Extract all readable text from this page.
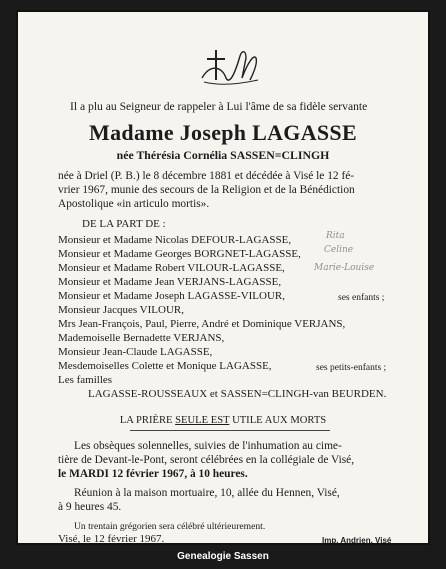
Il a plu au Seigneur de rappeler à Lui l'âme de sa fidèle servante
Madame Joseph LAGASSE
née Thérésia Cornélia SASSEN=CLINGH
née à Driel (P. B.) le 8 décembre 1881 et décédée à Visé le 12 fé-
vrier 1967, munie des secours de la Religion et de la Bénédiction
Apostolique «in articulo mortis».
DE LA PART DE :
Monsieur et Madame Nicolas DEFOUR-LAGASSE,
Monsieur et Madame Georges BORGNET-LAGASSE,
Monsieur et Madame Robert VILOUR-LAGASSE,
Monsieur et Madame Jean VERJANS-LAGASSE,
Monsieur et Madame Joseph LAGASSE-VILOUR,	ses enfants ;
Monsieur Jacques VILOUR,
Mrs Jean-François, Paul, Pierre, André et Dominique VERJANS,
Mademoiselle Bernadette VERJANS,
Monsieur Jean-Claude LAGASSE,
Mesdemoiselles Colette et Monique LAGASSE,	ses petits-enfants ;
Les familles
LAGASSE-ROUSSEAUX et SASSEN=CLINGH-van BEURDEN.
Rita
Celine
Marie-Louise
LA PRIÈRE SEULE EST UTILE AUX MORTS
Les obsèques solennelles, suivies de l'inhumation au cime-
tière de Devant-le-Pont, seront célébrées en la collégiale de Visé,
le MARDI 12 février 1967, à 10 heures.
Réunion à la maison mortuaire, 10, allée du Hennen, Visé,
à 9 heures 45.
Un trentain grégorien sera célébré ultérieurement.
Visé, le 12 février 1967.	Imp. Andrien, Visé
Genealogie Sassen
